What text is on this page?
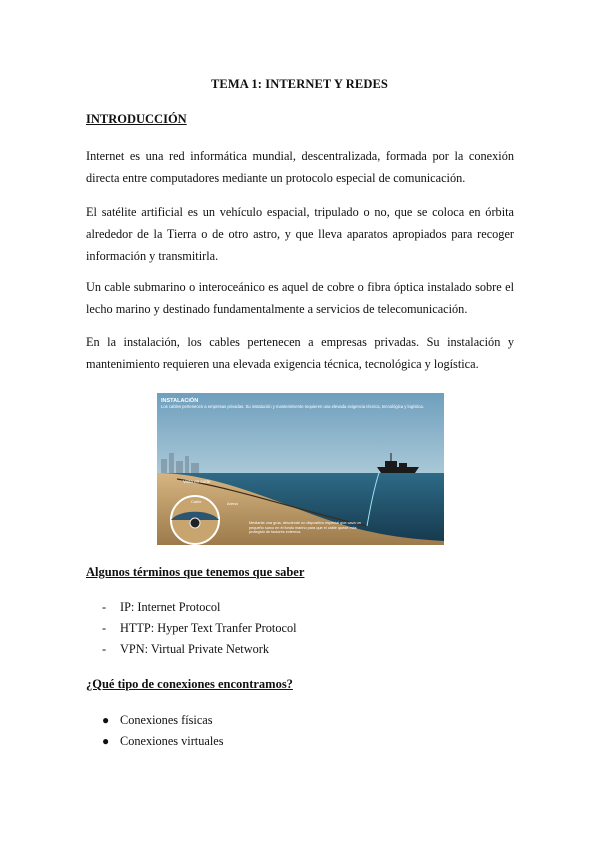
TEMA 1: INTERNET Y REDES
INTRODUCCIÓN

Internet es una red informática mundial, descentralizada, formada por la conexión directa entre computadores mediante un protocolo especial de comunicación.

El satélite artificial es un vehículo espacial, tripulado o no, que se coloca en órbita alrededor de la Tierra o de otro astro, y que lleva aparatos apropiados para recoger información y transmitirla.

Un cable submarino o interoceánico es aquel de cobre o fibra óptica instalado sobre el lecho marino y destinado fundamentalmente a servicios de telecomunicación.

En la instalación, los cables pertenecen a empresas privadas. Su instalación y mantenimiento requieren una elevada exigencia técnica, tecnológica y logística.

INSTALACIÓN
Los cables pertenecen a empresas privadas. Su instalación y mantenimiento requieren una elevada exigencia técnica, tecnológica y logística.
Vista en corte
Cable	Arena
Mediante una grúa, desciende un dispositivo especial que cava un pequeño surco en el fondo marino para que el cable quede más protegido de factores externos.
Algunos términos que tenemos que saber
- IP: Internet Protocol
- HTTP: Hyper Text Tranfer Protocol
- VPN: Virtual Private Network
¿Qué tipo de conexiones encontramos?
● Conexiones físicas
● Conexiones virtuales
